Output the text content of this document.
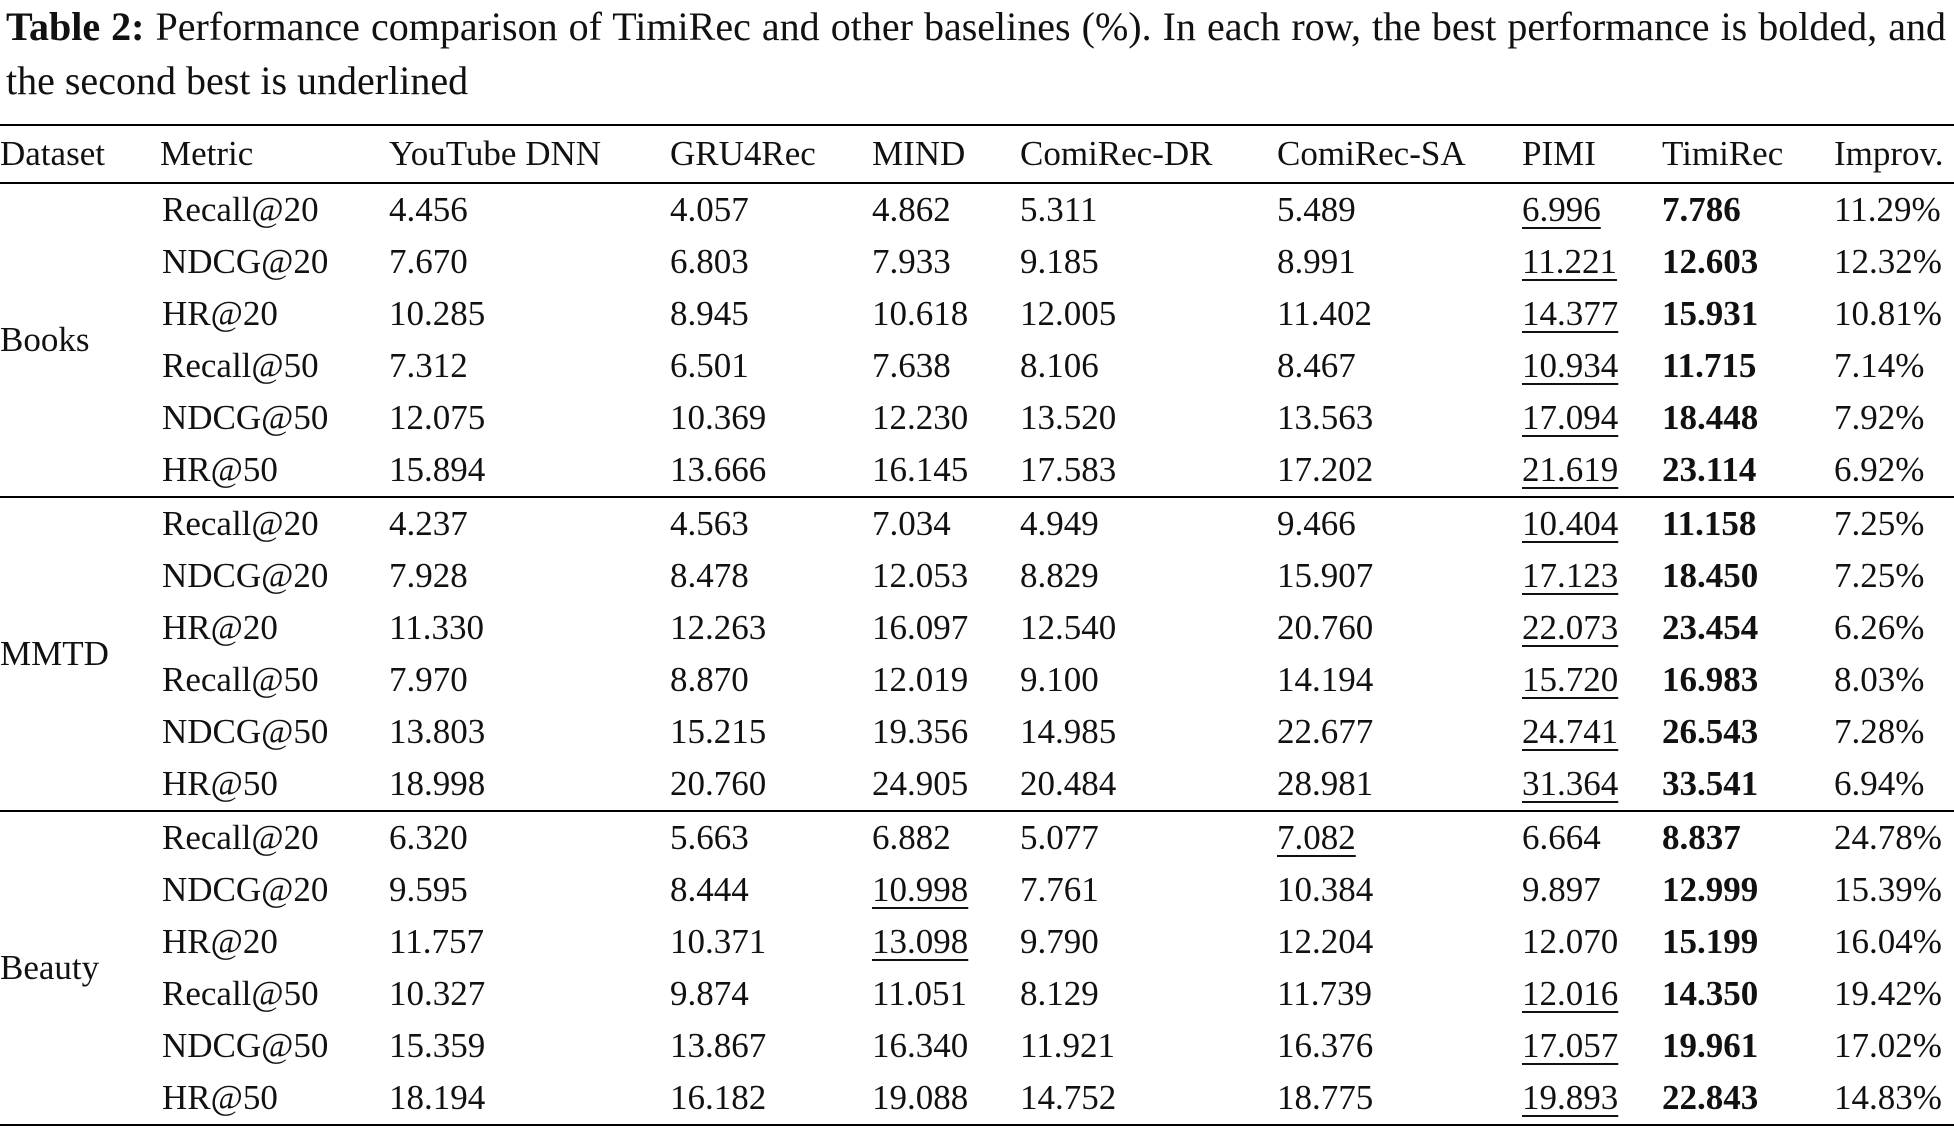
Table 2: Performance comparison of TimiRec and other baselines (%). In each row, the best performance is bolded, and the second best is underlined
Dataset	Metric	YouTube DNN	GRU4Rec	MIND	ComiRec-DR	ComiRec-SA	PIMI	TimiRec	Improv.
Books	Recall@20	4.456	4.057	4.862	5.311	5.489	6.996	7.786	11.29%
	NDCG@20	7.670	6.803	7.933	9.185	8.991	11.221	12.603	12.32%
	HR@20	10.285	8.945	10.618	12.005	11.402	14.377	15.931	10.81%
	Recall@50	7.312	6.501	7.638	8.106	8.467	10.934	11.715	7.14%
	NDCG@50	12.075	10.369	12.230	13.520	13.563	17.094	18.448	7.92%
	HR@50	15.894	13.666	16.145	17.583	17.202	21.619	23.114	6.92%
MMTD	Recall@20	4.237	4.563	7.034	4.949	9.466	10.404	11.158	7.25%
	NDCG@20	7.928	8.478	12.053	8.829	15.907	17.123	18.450	7.25%
	HR@20	11.330	12.263	16.097	12.540	20.760	22.073	23.454	6.26%
	Recall@50	7.970	8.870	12.019	9.100	14.194	15.720	16.983	8.03%
	NDCG@50	13.803	15.215	19.356	14.985	22.677	24.741	26.543	7.28%
	HR@50	18.998	20.760	24.905	20.484	28.981	31.364	33.541	6.94%
Beauty	Recall@20	6.320	5.663	6.882	5.077	7.082	6.664	8.837	24.78%
	NDCG@20	9.595	8.444	10.998	7.761	10.384	9.897	12.999	15.39%
	HR@20	11.757	10.371	13.098	9.790	12.204	12.070	15.199	16.04%
	Recall@50	10.327	9.874	11.051	8.129	11.739	12.016	14.350	19.42%
	NDCG@50	15.359	13.867	16.340	11.921	16.376	17.057	19.961	17.02%
	HR@50	18.194	16.182	19.088	14.752	18.775	19.893	22.843	14.83%
